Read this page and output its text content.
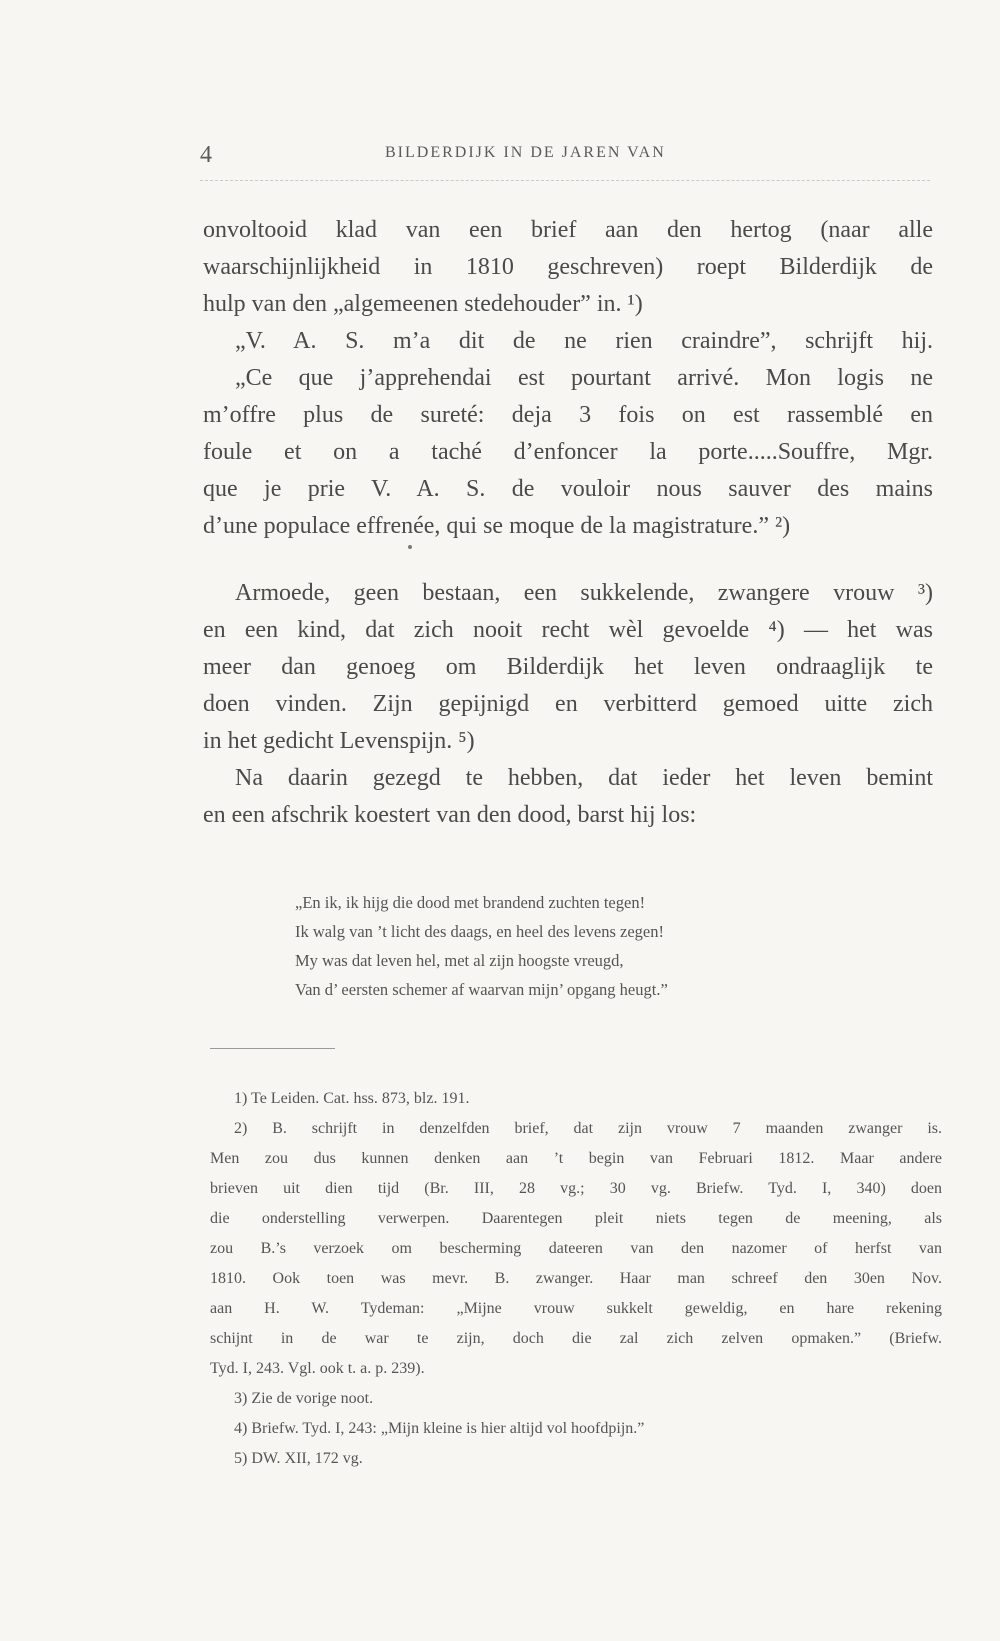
4	BILDERDIJK IN DE JAREN VAN
onvoltooid klad van een brief aan den hertog (naar alle
waarschijnlijkheid in 1810 geschreven) roept Bilderdijk de
hulp van den „algemeenen stedehouder” in. ¹)
„V. A. S. m’a dit de ne rien craindre”, schrijft hij.
„Ce que j’apprehendai est pourtant arrivé. Mon logis ne
m’offre plus de sureté: deja 3 fois on est rassemblé en
foule et on a taché d’enfoncer la porte.....Souffre, Mgr.
que je prie V. A. S. de vouloir nous sauver des mains
d’une populace effrenée, qui se moque de la magistrature.” ²)
Armoede, geen bestaan, een sukkelende, zwangere vrouw ³)
en een kind, dat zich nooit recht wèl gevoelde ⁴) — het was
meer dan genoeg om Bilderdijk het leven ondraaglijk te
doen vinden. Zijn gepijnigd en verbitterd gemoed uitte zich
in het gedicht Levenspijn. ⁵)
Na daarin gezegd te hebben, dat ieder het leven bemint
en een afschrik koestert van den dood, barst hij los:
„En ik, ik hijg die dood met brandend zuchten tegen!
Ik walg van ’t licht des daags, en heel des levens zegen!
My was dat leven hel, met al zijn hoogste vreugd,
Van d’ eersten schemer af waarvan mijn’ opgang heugt.”
1) Te Leiden. Cat. hss. 873, blz. 191.
2) B. schrijft in denzelfden brief, dat zijn vrouw 7 maanden zwanger is.
Men zou dus kunnen denken aan ’t begin van Februari 1812. Maar andere
brieven uit dien tijd (Br. III, 28 vg.; 30 vg. Briefw. Tyd. I, 340) doen
die onderstelling verwerpen. Daarentegen pleit niets tegen de meening, als
zou B.’s verzoek om bescherming dateeren van den nazomer of herfst van
1810. Ook toen was mevr. B. zwanger. Haar man schreef den 30en Nov.
aan H. W. Tydeman: „Mijne vrouw sukkelt geweldig, en hare rekening
schijnt in de war te zijn, doch die zal zich zelven opmaken.” (Briefw.
Tyd. I, 243. Vgl. ook t. a. p. 239).
3) Zie de vorige noot.
4) Briefw. Tyd. I, 243: „Mijn kleine is hier altijd vol hoofdpijn.”
5) DW. XII, 172 vg.
